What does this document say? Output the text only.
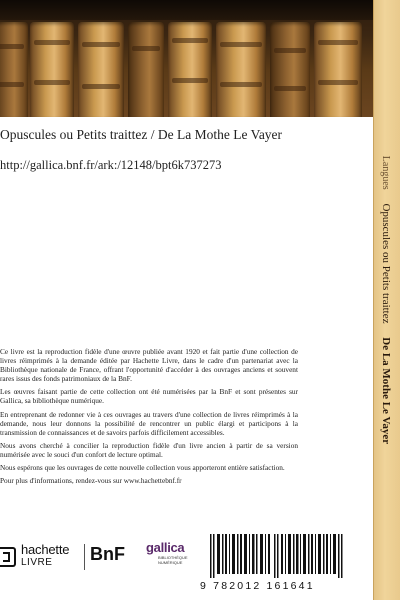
Langues     Opuscules ou Petits traittez     De La Mothe Le Vayer
Opuscules ou Petits traittez / De La Mothe Le Vayer
http://gallica.bnf.fr/ark:/12148/bpt6k737273

Ce livre est la reproduction fidèle d'une œuvre publiée avant 1920 et fait partie d'une collection de livres réimprimés à la demande éditée par Hachette Livre, dans le cadre d'un partenariat avec la Bibliothèque nationale de France, offrant l'opportunité d'accéder à des ouvrages anciens et souvent rares issus des fonds patrimoniaux de la BnF.

Les œuvres faisant partie de cette collection ont été numérisées par la BnF et sont présentes sur Gallica, sa bibliothèque numérique.

En entreprenant de redonner vie à ces ouvrages au travers d'une collection de livres réimprimés à la demande, nous leur donnons la possibilité de rencontrer un public élargi et participons à la transmission de connaissances et de savoirs parfois difficilement accessibles.

Nous avons cherché à concilier la reproduction fidèle d'un livre ancien à partir de sa version numérisée avec le souci d'un confort de lecture optimal.

Nous espérons que les ouvrages de cette nouvelle collection vous apporteront entière satisfaction.

Pour plus d'informations, rendez-vous sur www.hachettebnf.fr

hachette
LIVRE BnF gallica
BIBLIOTHÈQUE NUMÉRIQUE
9 782012 161641
